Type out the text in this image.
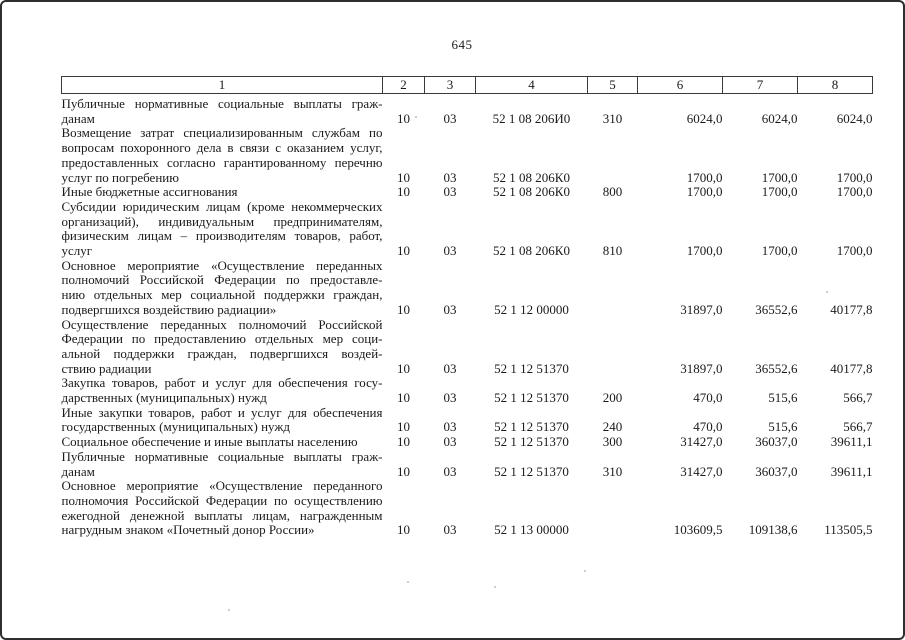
645
1	2	3	4	5	6	7	8

Публичные нормативные социальные выплаты граж-
данам	10	03	52 1 08 206И0	310	6024,0	6024,0	6024,0

Возмещение затрат специализированным службам по
вопросам похоронного дела в связи с оказанием услуг,
предоставленных согласно гарантированному перечню
услуг по погребению	10	03	52 1 08 206К0		1700,0	1700,0	1700,0

Иные бюджетные ассигнования	10	03	52 1 08 206К0	800	1700,0	1700,0	1700,0

Субсидии юридическим лицам (кроме некоммерческих
организаций), индивидуальным предпринимателям,
физическим лицам – производителям товаров, работ,
услуг	10	03	52 1 08 206К0	810	1700,0	1700,0	1700,0

Основное мероприятие «Осуществление переданных
полномочий Российской Федерации по предоставле-
нию отдельных мер социальной поддержки граждан,
подвергшихся воздействию радиации»	10	03	52 1 12 00000		31897,0	36552,6	40177,8

Осуществление переданных полномочий Российской
Федерации по предоставлению отдельных мер соци-
альной поддержки граждан, подвергшихся воздей-
ствию радиации	10	03	52 1 12 51370		31897,0	36552,6	40177,8

Закупка товаров, работ и услуг для обеспечения госу-
дарственных (муниципальных) нужд	10	03	52 1 12 51370	200	470,0	515,6	566,7

Иные закупки товаров, работ и услуг для обеспечения
государственных (муниципальных) нужд	10	03	52 1 12 51370	240	470,0	515,6	566,7

Социальное обеспечение и иные выплаты населению	10	03	52 1 12 51370	300	31427,0	36037,0	39611,1

Публичные нормативные социальные выплаты граж-
данам	10	03	52 1 12 51370	310	31427,0	36037,0	39611,1

Основное мероприятие «Осуществление переданного
полномочия Российской Федерации по осуществлению
ежегодной денежной выплаты лицам, награжденным
нагрудным знаком «Почетный донор России»	10	03	52 1 13 00000		103609,5	109138,6	113505,5
